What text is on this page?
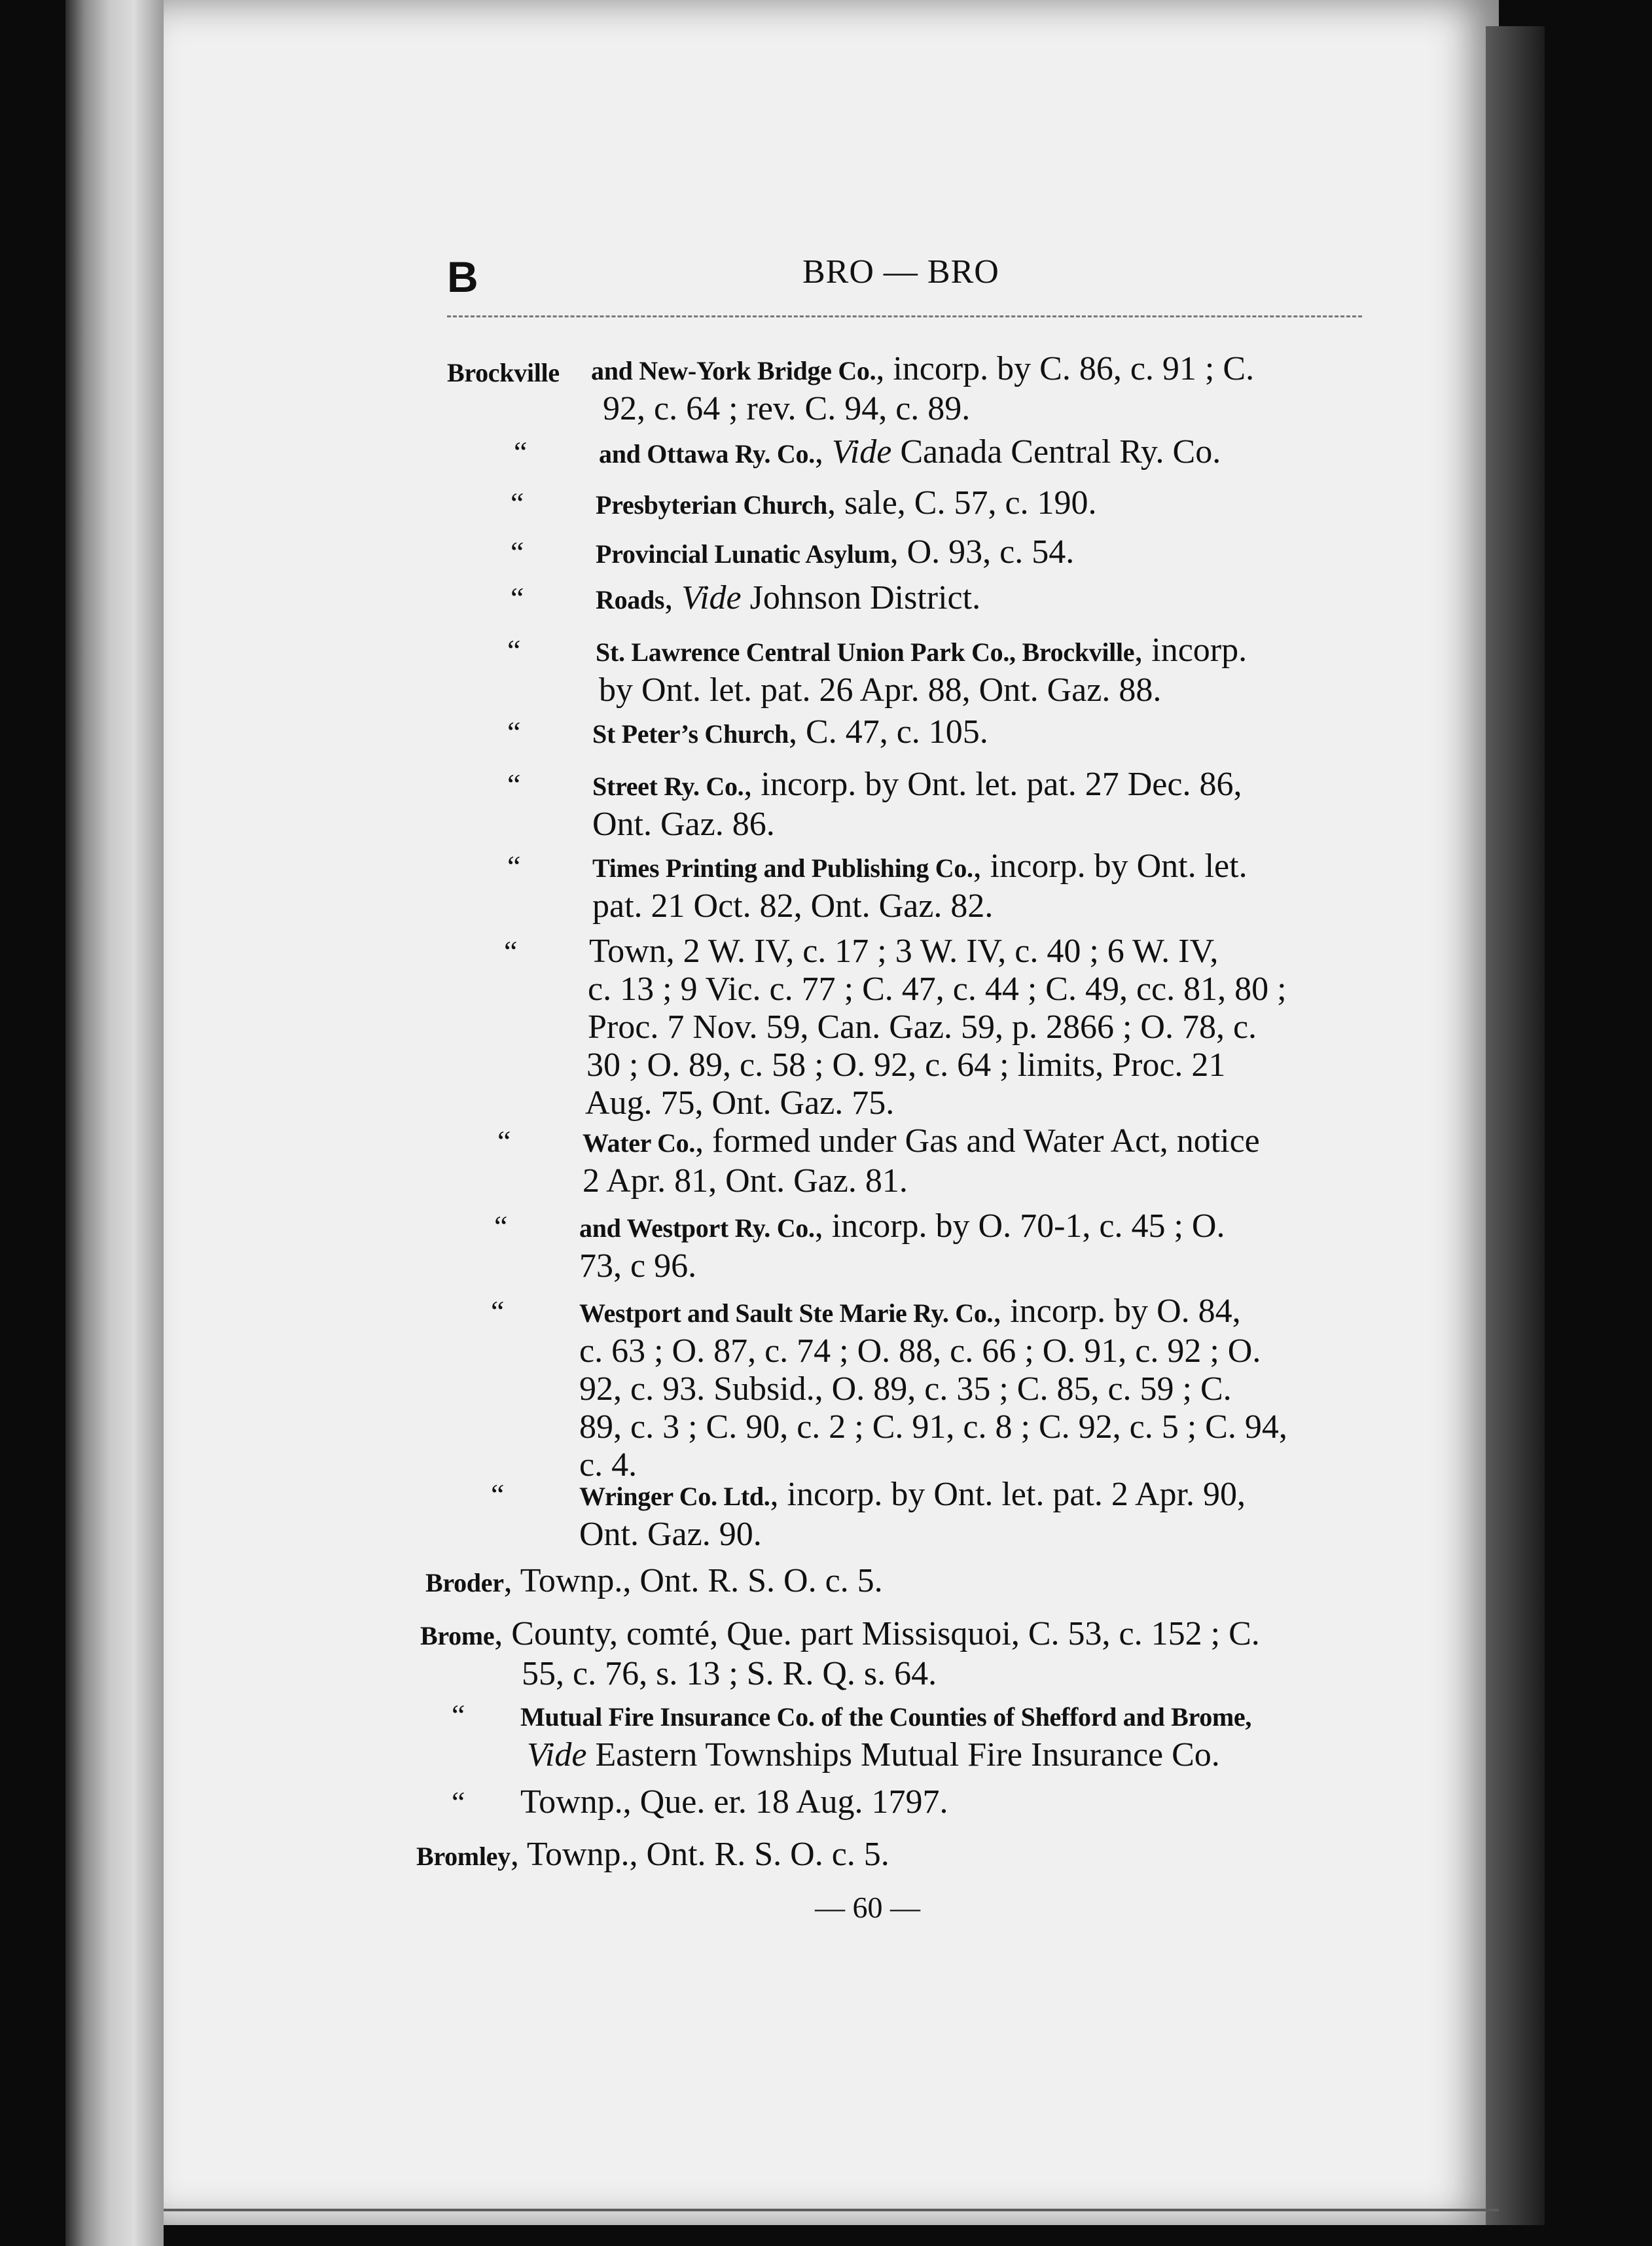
B	BRO — BRO
Brockville	and New-York Bridge Co., incorp. by C. 86, c. 91 ; C.
92, c. 64 ; rev. C. 94, c. 89.
“	and Ottawa Ry. Co., Vide Canada Central Ry. Co.
“	Presbyterian Church, sale, C. 57, c. 190.
“	Provincial Lunatic Asylum, O. 93, c. 54.
“	Roads, Vide Johnson District.
“	St. Lawrence Central Union Park Co., Brockville, incorp.
by Ont. let. pat. 26 Apr. 88, Ont. Gaz. 88.
“	St Peter’s Church, C. 47, c. 105.
“	Street Ry. Co., incorp. by Ont. let. pat. 27 Dec. 86,
Ont. Gaz. 86.
“	Times Printing and Publishing Co., incorp. by Ont. let.
pat. 21 Oct. 82, Ont. Gaz. 82.
“	Town, 2 W. IV, c. 17 ; 3 W. IV, c. 40 ; 6 W. IV,
c. 13 ; 9 Vic. c. 77 ; C. 47, c. 44 ; C. 49, cc. 81, 80 ;
Proc. 7 Nov. 59, Can. Gaz. 59, p. 2866 ; O. 78, c.
30 ; O. 89, c. 58 ; O. 92, c. 64 ; limits, Proc. 21
Aug. 75, Ont. Gaz. 75.
“	Water Co., formed under Gas and Water Act, notice
2 Apr. 81, Ont. Gaz. 81.
“	and Westport Ry. Co., incorp. by O. 70-1, c. 45 ; O.
73, c 96.
“	Westport and Sault Ste Marie Ry. Co., incorp. by O. 84,
c. 63 ; O. 87, c. 74 ; O. 88, c. 66 ; O. 91, c. 92 ; O.
92, c. 93. Subsid., O. 89, c. 35 ; C. 85, c. 59 ; C.
89, c. 3 ; C. 90, c. 2 ; C. 91, c. 8 ; C. 92, c. 5 ; C. 94,
c. 4.
“	Wringer Co. Ltd., incorp. by Ont. let. pat. 2 Apr. 90,
Ont. Gaz. 90.
Broder, Townp., Ont. R. S. O. c. 5.
Brome, County, comté, Que. part Missisquoi, C. 53, c. 152 ; C.
55, c. 76, s. 13 ; S. R. Q. s. 64.
“	Mutual Fire Insurance Co. of the Counties of Shefford and Brome,
Vide Eastern Townships Mutual Fire Insurance Co.
“	Townp., Que. er. 18 Aug. 1797.
Bromley, Townp., Ont. R. S. O. c. 5.
— 60 —
